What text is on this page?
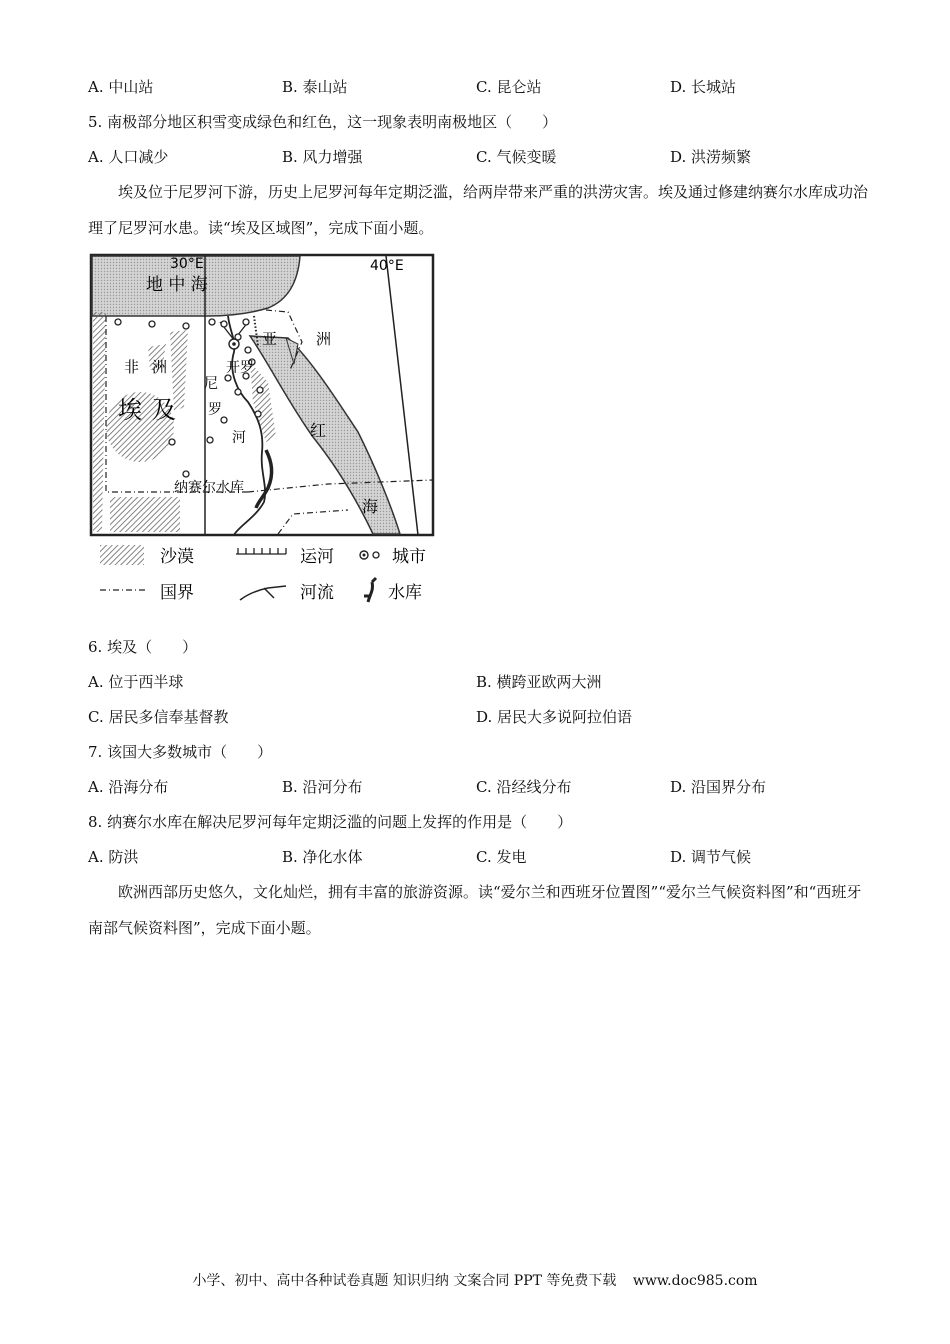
A. 中山站	B. 泰山站	C. 昆仑站	D. 长城站
5. 南极部分地区积雪变成绿色和红色，这一现象表明南极地区（　　）
A. 人口减少	B. 风力增强	C. 气候变暖	D. 洪涝频繁
埃及位于尼罗河下游，历史上尼罗河每年定期泛滥，给两岸带来严重的洪涝灾害。埃及通过修建纳赛尔水库成功治理了尼罗河水患。读“埃及区域图”，完成下面小题。
30°E	40°E
地 中 海
非 洲
亚	洲
埃 及
开罗
尼
罗
河	红
海
纳赛尔水库
沙漠	运河	城市
国界	河流	水库
6. 埃及（　　）
A. 位于西半球	B. 横跨亚欧两大洲
C. 居民多信奉基督教	D. 居民大多说阿拉伯语
7. 该国大多数城市（　　）
A. 沿海分布	B. 沿河分布	C. 沿经线分布	D. 沿国界分布
8. 纳赛尔水库在解决尼罗河每年定期泛滥的问题上发挥的作用是（　　）
A. 防洪	B. 净化水体	C. 发电	D. 调节气候
欧洲西部历史悠久，文化灿烂，拥有丰富的旅游资源。读“爱尔兰和西班牙位置图”“爱尔兰气候资料图”和“西班牙南部气候资料图”，完成下面小题。
小学、初中、高中各种试卷真题 知识归纳 文案合同 PPT 等免费下载 www.doc985.com
